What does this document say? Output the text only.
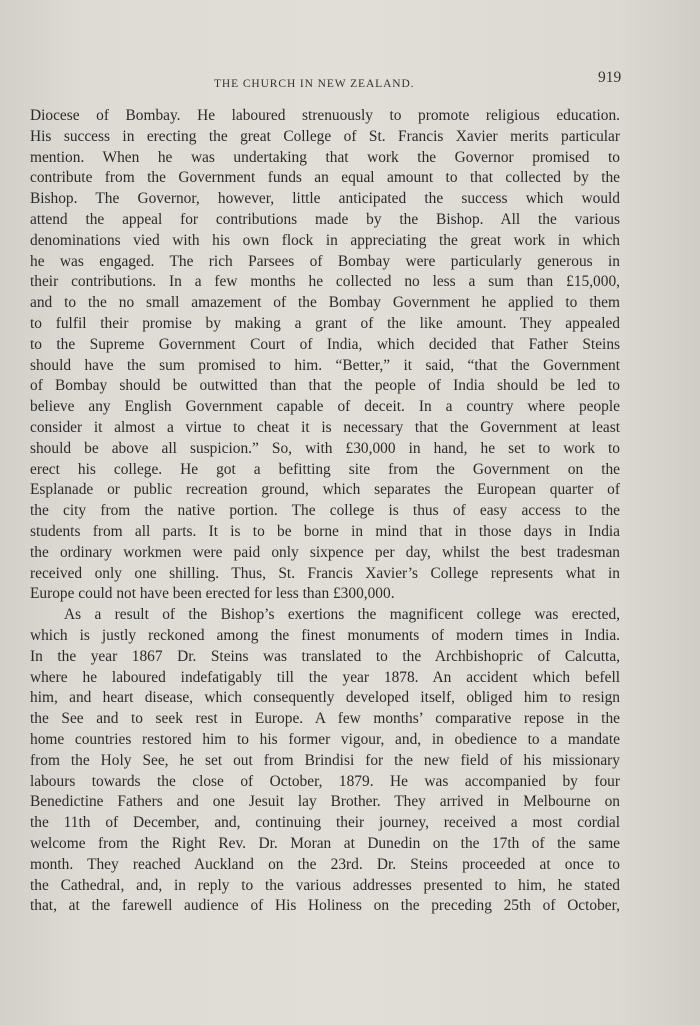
THE CHURCH IN NEW ZEALAND.	919
Diocese of Bombay. He laboured strenuously to promote religious education.
His success in erecting the great College of St. Francis Xavier merits particular
mention. When he was undertaking that work the Governor promised to
contribute from the Government funds an equal amount to that collected by the
Bishop. The Governor, however, little anticipated the success which would
attend the appeal for contributions made by the Bishop. All the various
denominations vied with his own flock in appreciating the great work in which
he was engaged. The rich Parsees of Bombay were particularly generous in
their contributions. In a few months he collected no less a sum than £15,000,
and to the no small amazement of the Bombay Government he applied to them
to fulfil their promise by making a grant of the like amount. They appealed
to the Supreme Government Court of India, which decided that Father Steins
should have the sum promised to him. “Better,” it said, “that the Government
of Bombay should be outwitted than that the people of India should be led to
believe any English Government capable of deceit. In a country where people
consider it almost a virtue to cheat it is necessary that the Government at least
should be above all suspicion.” So, with £30,000 in hand, he set to work to
erect his college. He got a befitting site from the Government on the
Esplanade or public recreation ground, which separates the European quarter of
the city from the native portion. The college is thus of easy access to the
students from all parts. It is to be borne in mind that in those days in India
the ordinary workmen were paid only sixpence per day, whilst the best tradesman
received only one shilling. Thus, St. Francis Xavier’s College represents what in
Europe could not have been erected for less than £300,000.
As a result of the Bishop’s exertions the magnificent college was erected,
which is justly reckoned among the finest monuments of modern times in India.
In the year 1867 Dr. Steins was translated to the Archbishopric of Calcutta,
where he laboured indefatigably till the year 1878. An accident which befell
him, and heart disease, which consequently developed itself, obliged him to resign
the See and to seek rest in Europe. A few months’ comparative repose in the
home countries restored him to his former vigour, and, in obedience to a mandate
from the Holy See, he set out from Brindisi for the new field of his missionary
labours towards the close of October, 1879. He was accompanied by four
Benedictine Fathers and one Jesuit lay Brother. They arrived in Melbourne on
the 11th of December, and, continuing their journey, received a most cordial
welcome from the Right Rev. Dr. Moran at Dunedin on the 17th of the same
month. They reached Auckland on the 23rd. Dr. Steins proceeded at once to
the Cathedral, and, in reply to the various addresses presented to him, he stated
that, at the farewell audience of His Holiness on the preceding 25th of October,
